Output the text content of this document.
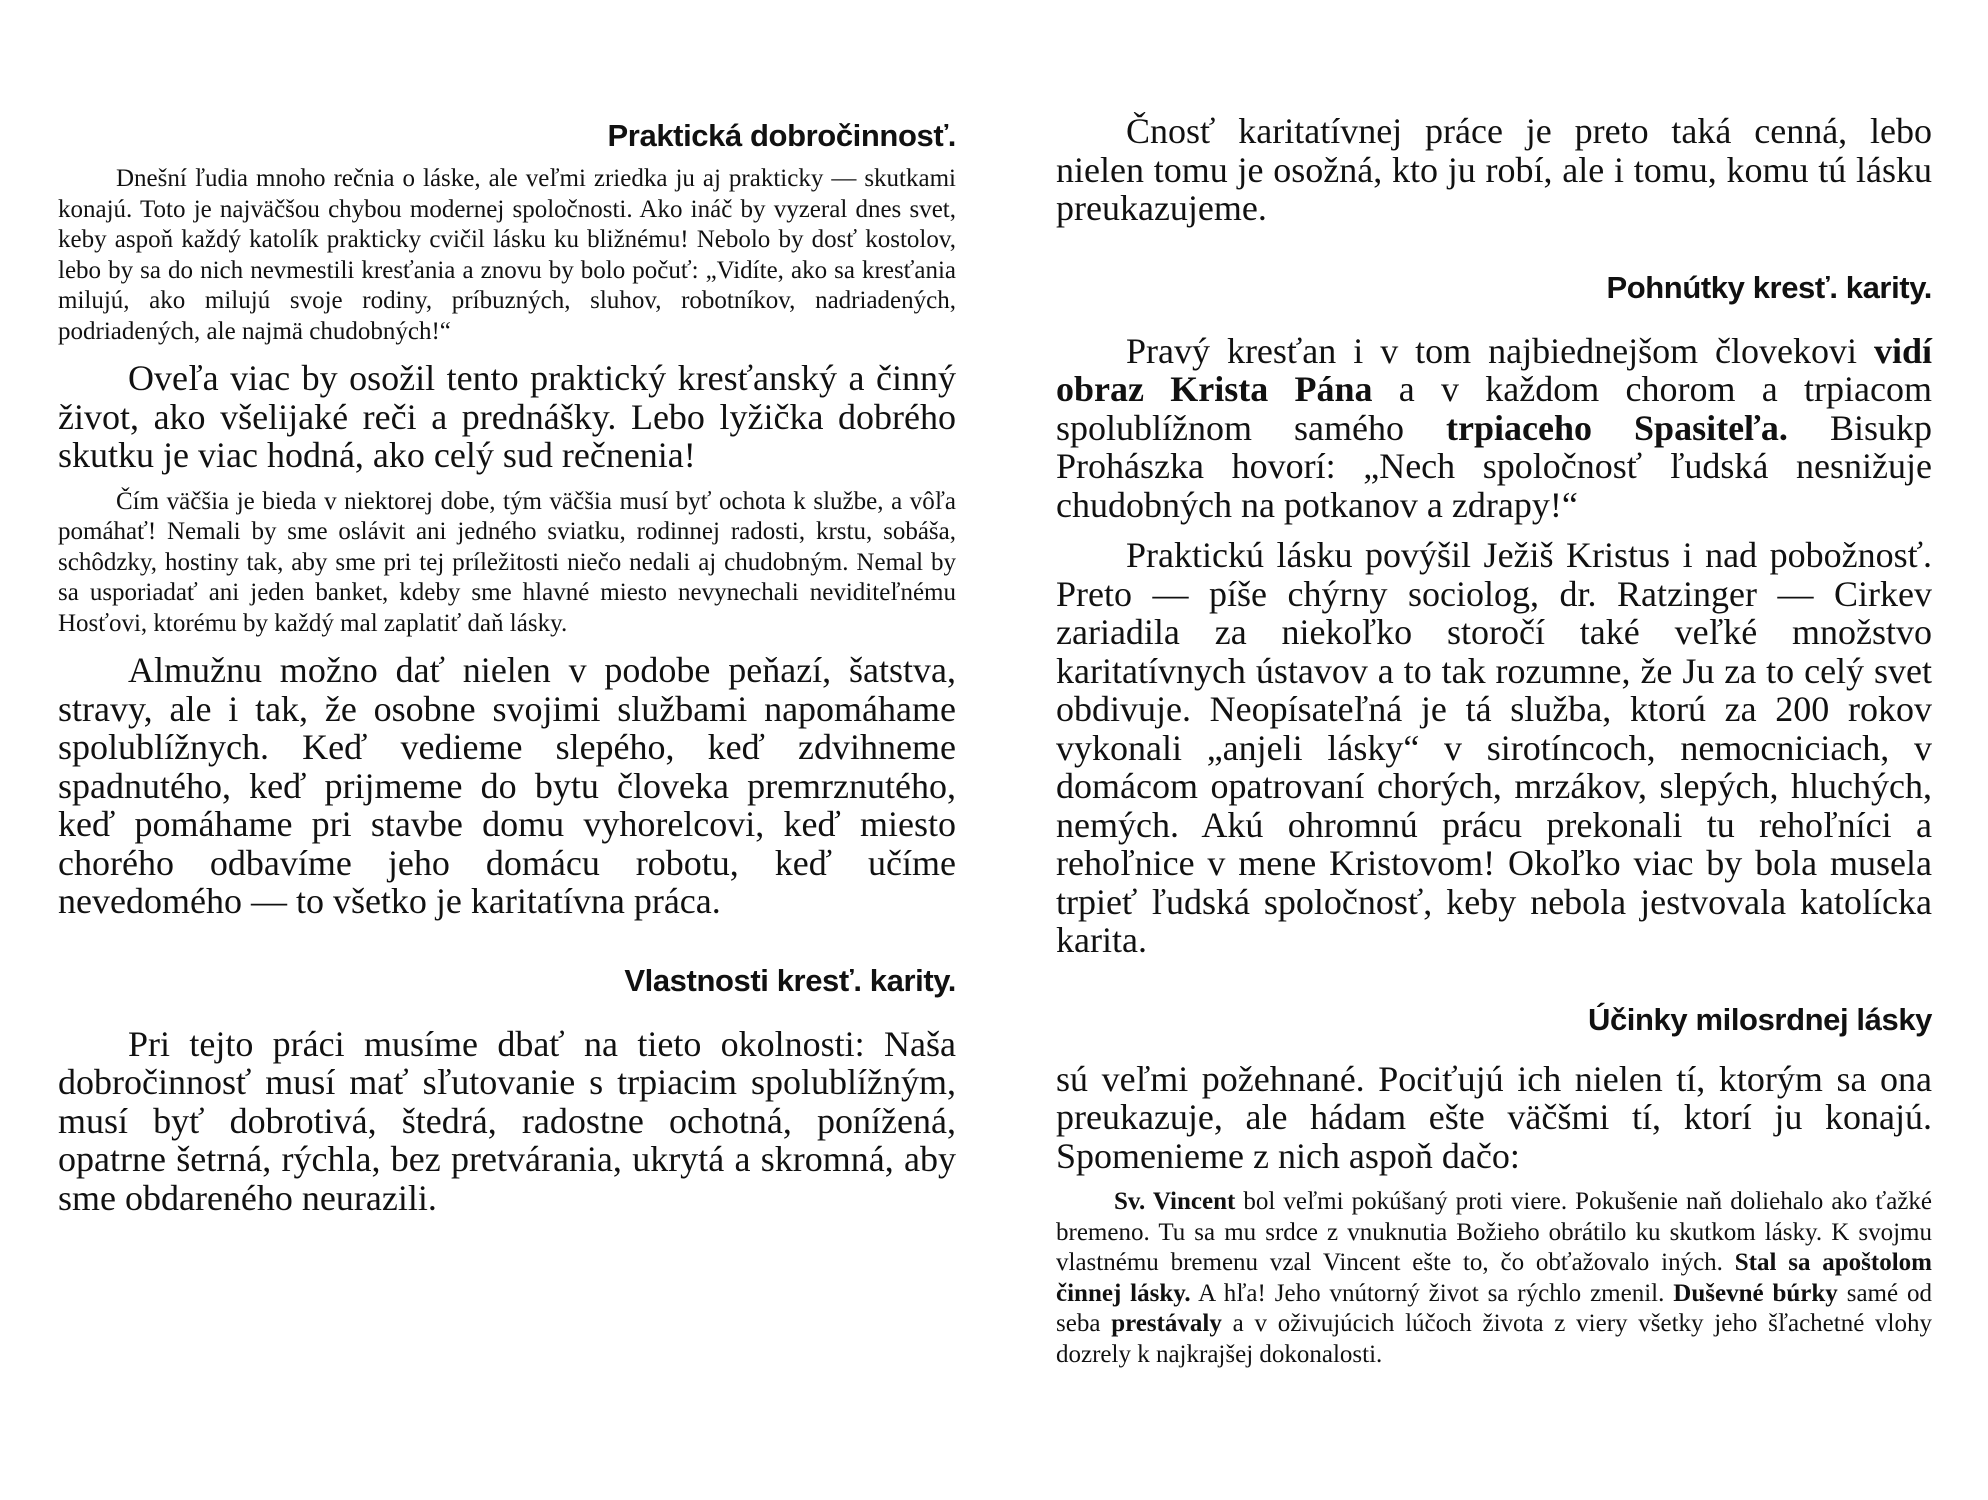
Praktická dobročinnosť.

Dnešní ľudia mnoho rečnia o láske, ale veľmi zriedka ju aj prakticky — skutkami konajú. Toto je najväčšou chybou modernej spoločnosti. Ako ináč by vyzeral dnes svet, keby aspoň každý katolík prakticky cvičil lásku ku bližnému! Nebolo by dosť kostolov, lebo by sa do nich nevmestili kresťania a znovu by bolo počuť: „Vidíte, ako sa kresťania milujú, ako milujú svoje rodiny, príbuzných, sluhov, robotníkov, nadriadených, podriadených, ale najmä chudobných!“

Oveľa viac by osožil tento praktický kresťanský a činný život, ako všelijaké reči a prednášky. Lebo lyžička dobrého skutku je viac hodná, ako celý sud rečnenia!

Čím väčšia je bieda v niektorej dobe, tým väčšia musí byť ochota k službe, a vôľa pomáhať! Nemali by sme oslávit ani jedného sviatku, rodinnej radosti, krstu, sobáša, schôdzky, hostiny tak, aby sme pri tej príležitosti niečo nedali aj chudobným. Nemal by sa usporiadať ani jeden banket, kdeby sme hlavné miesto nevynechali neviditeľnému Hosťovi, ktorému by každý mal zaplatiť daň lásky.

Almužnu možno dať nielen v podobe peňazí, šatstva, stravy, ale i tak, že osobne svojimi službami napomáhame spolublížnych. Keď vedieme slepého, keď zdvihneme spadnutého, keď prijmeme do bytu človeka premrznutého, keď pomáhame pri stavbe domu vyhorelcovi, keď miesto chorého odbavíme jeho domácu robotu, keď učíme nevedomého — to všetko je karitatívna práca.

Vlastnosti kresť. karity.

Pri tejto práci musíme dbať na tieto okolnosti: Naša dobročinnosť musí mať sľutovanie s trpiacim spolublížným, musí byť dobrotivá, štedrá, radostne ochotná, ponížená, opatrne šetrná, rýchla, bez pretvárania, ukrytá a skromná, aby sme obdareného neurazili.

Čnosť karitatívnej práce je preto taká cenná, lebo nielen tomu je osožná, kto ju robí, ale i tomu, komu tú lásku preukazujeme.

Pohnútky kresť. karity.

Pravý kresťan i v tom najbiednejšom človekovi vidí obraz Krista Pána a v každom chorom a trpiacom spolublížnom samého trpiaceho Spasiteľa. Bisukp Prohászka hovorí: „Nech spoločnosť ľudská nesnižuje chudobných na potkanov a zdrapy!“

Praktickú lásku povýšil Ježiš Kristus i nad pobožnosť. Preto — píše chýrny sociolog, dr. Ratzinger — Cirkev zariadila za niekoľko storočí také veľké množstvo karitatívnych ústavov a to tak rozumne, že Ju za to celý svet obdivuje. Neopísateľná je tá služba, ktorú za 200 rokov vykonali „anjeli lásky“ v sirotíncoch, nemocniciach, v domácom opatrovaní chorých, mrzákov, slepých, hluchých, nemých. Akú ohromnú prácu prekonali tu rehoľníci a rehoľnice v mene Kristovom! Okoľko viac by bola musela trpieť ľudská spoločnosť, keby nebola jestvovala katolícka karita.

Účinky milosrdnej lásky

sú veľmi požehnané. Pociťujú ich nielen tí, ktorým sa ona preukazuje, ale hádam ešte väčšmi tí, ktorí ju konajú. Spomenieme z nich aspoň dačo:

Sv. Vincent bol veľmi pokúšaný proti viere. Pokušenie naň doliehalo ako ťažké bremeno. Tu sa mu srdce z vnuknutia Božieho obrátilo ku skutkom lásky. K svojmu vlastnému bremenu vzal Vincent ešte to, čo obťažovalo iných. Stal sa apoštolom činnej lásky. A hľa! Jeho vnútorný život sa rýchlo zmenil. Duševné búrky samé od seba prestávaly a v oživujúcich lúčoch života z viery všetky jeho šľachetné vlohy dozrely k najkrajšej dokonalosti.
